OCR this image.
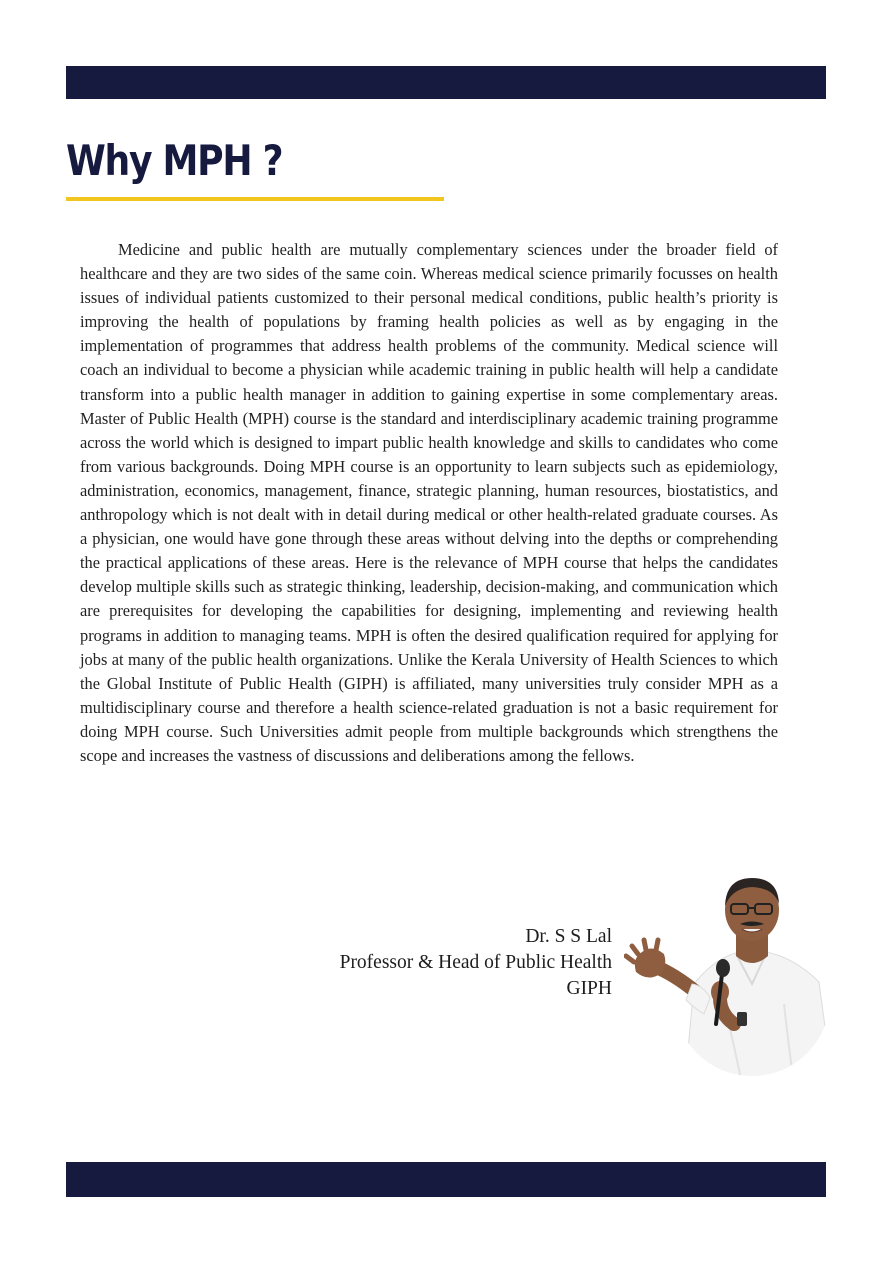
Why MPH ?

Medicine and public health are mutually complementary sciences under the broader field of healthcare and they are two sides of the same coin. Whereas medical science primarily focusses on health issues of individual patients customized to their personal medical conditions, public health’s priority is improving the health of populations by framing health policies as well as by engaging in the implementation of programmes that address health problems of the community. Medical science will coach an individual to become a physician while academic training in public health will help a candidate transform into a public health manager in addition to gaining expertise in some complementary areas. Master of Public Health (MPH) course is the standard and interdisciplinary academic training programme across the world which is designed to impart public health knowledge and skills to candidates who come from various backgrounds. Doing MPH course is an opportunity to learn subjects such as epidemiology, administration, economics, management, finance, strategic planning, human resources, biostatistics, and anthropology which is not dealt with in detail during medical or other health-related graduate courses. As a physician, one would have gone through these areas without delving into the depths or comprehending the practical applications of these areas. Here is the relevance of MPH course that helps the candidates develop multiple skills such as strategic thinking, leadership, decision-making, and communication which are prerequisites for developing the capabilities for designing, implementing and reviewing health programs in addition to managing teams. MPH is often the desired qualification required for applying for jobs at many of the public health organizations. Unlike the Kerala University of Health Sciences to which the Global Institute of Public Health (GIPH) is affiliated, many universities truly consider MPH as a multidisciplinary course and therefore a health science-related graduation is not a basic requirement for doing MPH course. Such Universities admit people from multiple backgrounds which strengthens the scope and increases the vastness of discussions and deliberations among the fellows.

Dr. S S Lal
Professor & Head of Public Health
GIPH
